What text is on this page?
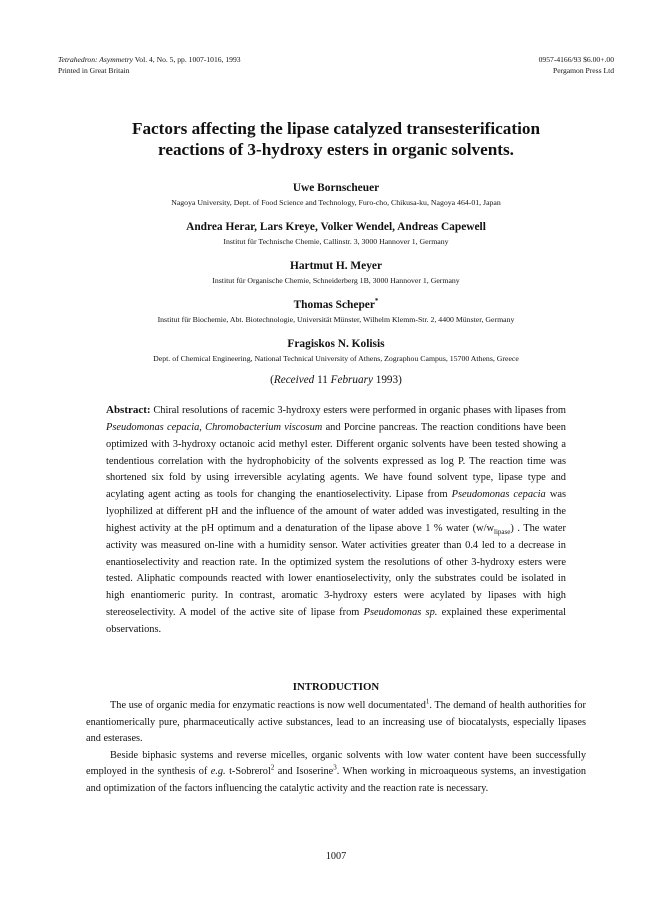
Tetrahedron: Asymmetry Vol. 4, No. 5, pp. 1007-1016, 1993
Printed in Great Britain
0957-4166/93 $6.00+.00
Pergamon Press Ltd
Factors affecting the lipase catalyzed transesterification
reactions of 3-hydroxy esters in organic solvents.
Uwe Bornscheuer
Nagoya University, Dept. of Food Science and Technology, Furo-cho, Chikusa-ku, Nagoya 464-01, Japan
Andrea Herar, Lars Kreye, Volker Wendel, Andreas Capewell
Institut für Technische Chemie, Callinstr. 3, 3000 Hannover 1, Germany
Hartmut H. Meyer
Institut für Organische Chemie, Schneiderberg 1B, 3000 Hannover 1, Germany
Thomas Scheper*
Institut für Biochemie, Abt. Biotechnologie, Universität Münster, Wilhelm Klemm-Str. 2, 4400 Münster, Germany
Fragiskos N. Kolisis
Dept. of Chemical Engineering, National Technical University of Athens, Zographou Campus, 15700 Athens, Greece
(Received 11 February 1993)
Abstract: Chiral resolutions of racemic 3-hydroxy esters were performed in organic phases with lipases from Pseudomonas cepacia, Chromobacterium viscosum and Porcine pancreas. The reaction conditions have been optimized with 3-hydroxy octanoic acid methyl ester. Different organic solvents have been tested showing a tendentious correlation with the hydrophobicity of the solvents expressed as log P. The reaction time was shortened six fold by using irreversible acylating agents. We have found solvent type, lipase type and acylating agent acting as tools for changing the enantioselectivity. Lipase from Pseudomonas cepacia was lyophilized at different pH and the influence of the amount of water added was investigated, resulting in the highest activity at the pH optimum and a denaturation of the lipase above 1 % water $(w/w_{lipase})$ . The water activity was measured on-line with a humidity sensor. Water activities greater than 0.4 led to a decrease in enantioselectivity and reaction rate. In the optimized system the resolutions of other 3-hydroxy esters were tested. Aliphatic compounds reacted with lower enantioselectivity, only the substrates could be isolated in high enantiomeric purity. In contrast, aromatic 3-hydroxy esters were acylated by lipases with high stereoselectivity. A model of the active site of lipase from Pseudomonas sp. explained these experimental observations.
INTRODUCTION

The use of organic media for enzymatic reactions is now well documentated$^1$. The demand of health authorities for enantiomerically pure, pharmaceutically active substances, lead to an increasing use of biocatalysts, especially lipases and esterases.

Beside biphasic systems and reverse micelles, organic solvents with low water content have been successfully employed in the synthesis of e.g. t-Sobrerol$^2$ and Isoserine$^3$. When working in microaqueous systems, an investigation and optimization of the factors influencing the catalytic activity and the reaction rate is necessary.

1007
